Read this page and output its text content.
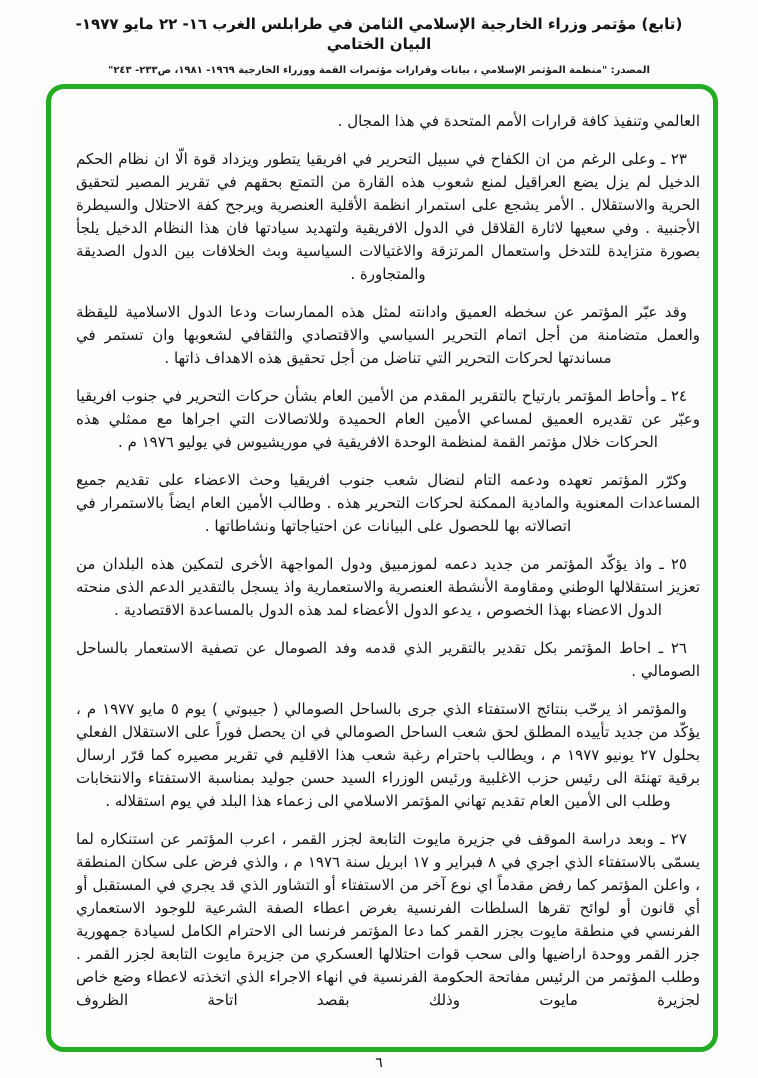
(تابع) مؤتمر وزراء الخارجية الإسلامي الثامن في طرابلس الغرب ١٦- ٢٢ مايو ١٩٧٧- البيان الختامي
المصدر: "منظمة المؤتمر الإسلامي ، بيانات وقرارات مؤتمرات القمة ووزراء الخارجية ١٩٦٩- ١٩٨١، ص٢٣٣- ٢٤٣"

العالمي وتنفيذ كافة قرارات الأمم المتحدة في هذا المجال .

٢٣ ـ وعلى الرغم من ان الكفاح في سبيل التحرير في افريقيا يتطور ويزداد قوة الّا ان نظام الحكم الدخيل لم يزل يضع العراقيل لمنع شعوب هذه القارة من التمتع بحقهم في تقرير المصير لتحقيق الحرية والاستقلال . الأمر يشجع على استمرار انظمة الأقلية العنصرية ويرجح كفة الاحتلال والسيطرة الأجنبية . وفي سعيها لاثارة القلاقل في الدول الافريقية ولتهديد سيادتها فان هذا النظام الدخيل يلجأ بصورة متزايدة للتدخل واستعمال المرتزقة والاغتيالات السياسية وبث الخلافات بين الدول الصديقة والمتجاورة .

وقد عبّر المؤتمر عن سخطه العميق وادانته لمثل هذه الممارسات ودعا الدول الاسلامية لليقظة والعمل متضامنة من أجل اتمام التحرير السياسي والاقتصادي والثقافي لشعوبها وان تستمر في مساندتها لحركات التحرير التي تناضل من أجل تحقيق هذه الاهداف ذاتها .

٢٤ ـ وأحاط المؤتمر بارتياح بالتقرير المقدم من الأمين العام بشأن حركات التحرير في جنوب افريقيا وعبّر عن تقديره العميق لمساعي الأمين العام الحميدة وللاتصالات التي اجراها مع ممثلي هذه الحركات خلال مؤتمر القمة لمنظمة الوحدة الافريقية في موريشيوس في يوليو ١٩٧٦ م .

وكرّر المؤتمر تعهده ودعمه التام لنضال شعب جنوب افريقيا وحث الاعضاء على تقديم جميع المساعدات المعنوية والمادية الممكنة لحركات التحرير هذه . وطالب الأمين العام ايضاً بالاستمرار في اتصالاته بها للحصول على البيانات عن احتياجاتها ونشاطاتها .

٢٥ ـ واذ يؤكّد المؤتمر من جديد دعمه لموزمبيق ودول المواجهة الأخرى لتمكين هذه البلدان من تعزيز استقلالها الوطني ومقاومة الأنشطة العنصرية والاستعمارية واذ يسجل بالتقدير الدعم الذى منحته الدول الاعضاء بهذا الخصوص ، يدعو الدول الأعضاء لمد هذه الدول بالمساعدة الاقتصادية .

٢٦ ـ احاط المؤتمر بكل تقدير بالتقرير الذي قدمه وفد الصومال عن تصفية الاستعمار بالساحل الصومالي .

والمؤتمر اذ يرحّب بنتائج الاستفتاء الذي جرى بالساحل الصومالي ( جيبوتي ) يوم ٥ مايو ١٩٧٧ م ، يؤكّد من جديد تأييده المطلق لحق شعب الساحل الصومالي في ان يحصل فوراً على الاستقلال الفعلي بحلول ٢٧ يونيو ١٩٧٧ م ، ويطالب باحترام رغبة شعب هذا الاقليم في تقرير مصيره كما قرّر ارسال برقية تهنئة الى رئيس حزب الاغلبية ورئيس الوزراء السيد حسن جوليد بمناسبة الاستفتاء والانتخابات وطلب الى الأمين العام تقديم تهاني المؤتمر الاسلامي الى زعماء هذا البلد في يوم استقلاله .

٢٧ ـ وبعد دراسة الموقف في جزيرة مايوت التابعة لجزر القمر ، اعرب المؤتمر عن استنكاره لما يسمّى بالاستفتاء الذي اجري في ٨ فبراير و ١٧ ابريل سنة ١٩٧٦ م ، والذي فرض على سكان المنطقة ، واعلن المؤتمر كما رفض مقدماً اي نوع آخر من الاستفتاء أو التشاور الذي قد يجري في المستقبل أو أي قانون أو لوائح تقرها السلطات الفرنسية بغرض اعطاء الصفة الشرعية للوجود الاستعماري الفرنسي في منطقة مايوت بجزر القمر كما دعا المؤتمر فرنسا الى الاحترام الكامل لسيادة جمهورية جزر القمر ووحدة اراضيها والى سحب قوات احتلالها العسكري من جزيرة مايوت التابعة لجزر القمر . وطلب المؤتمر من الرئيس مفاتحة الحكومة الفرنسية في انهاء الاجراء الذي اتخذته لاعطاء وضع خاص لجزيرة مايوت وذلك بقصد اتاحة الظروف

٦
